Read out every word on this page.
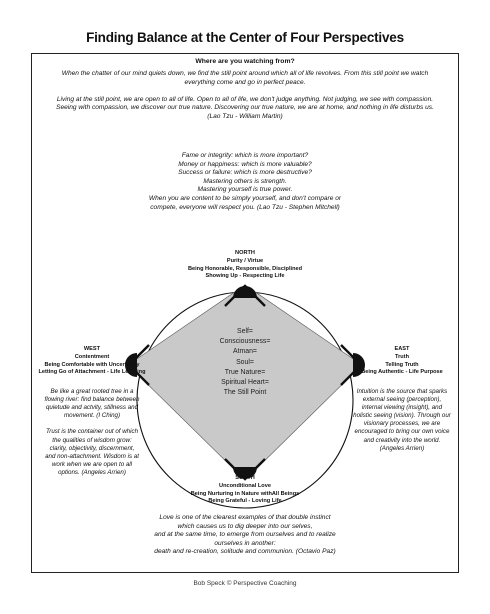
Finding Balance at the Center of Four Perspectives
Where are you watching from?
When the chatter of our mind quiets down, we find the still point around which all of life revolves. From this still point we watch
everything come and go in perfect peace.

Living at the still point, we are open to all of life. Open to all of life, we don't judge anything. Not judging, we see with compassion.
Seeing with compassion, we discover our true nature. Discovering our true nature, we are at home, and nothing in life disturbs us.
(Lao Tzu - William Martin)
Fame or integrity: which is more important?
Money or happiness: which is more valuable?
Success or failure: which is more destructive?
Mastering others is strength.
Mastering yourself is true power.
When you are content to be simply yourself, and don't compare or
compete, everyone will respect you. (Lao Tzu - Stephen Mitchell)
Self=
Consciousness=
Atman=
Soul=
True Nature=
Spiritual Heart=
The Still Point
NORTH
Purity / Virtue
Being Honorable, Responsible, Disciplined
Showing Up - Respecting Life
WEST
Contentment
Being Comfortable with Uncertainty
Letting Go of Attachment - Life Learning
Be like a great rooted tree in a
flowing river: find balance between
quietude and actvity, stillness and
movement. (I Ching)

Trust is the container out of which
the qualities of wisdom grow:
clarity, objectivity, discernment,
and non-attachment. Wisdom is at
work when we are open to all
options. (Angeles Arrien)
EAST
Truth
Telling Truth
Being Authentic - Life Purpose
Intuition is the source that sparks
external seeing (perception),
internal viewing (insight), and
holistic seeing (vision). Through our
visionary processes, we are
encouraged to bring our own voice
and creativity into the world.
(Angeles Arrien)
SOUTH
Unconditional Love
Being Nurturing in Nature withAll Beings
Being Grateful - Loving Life
Love is one of the clearest examples of that double instinct
which causes us to dig deeper into our selves,
and at the same time, to emerge from ourselves and to realize
ourselves in another:
death and re-creation, solitude and communion. (Octavio Paz)
Bob Speck © Perspective Coaching
